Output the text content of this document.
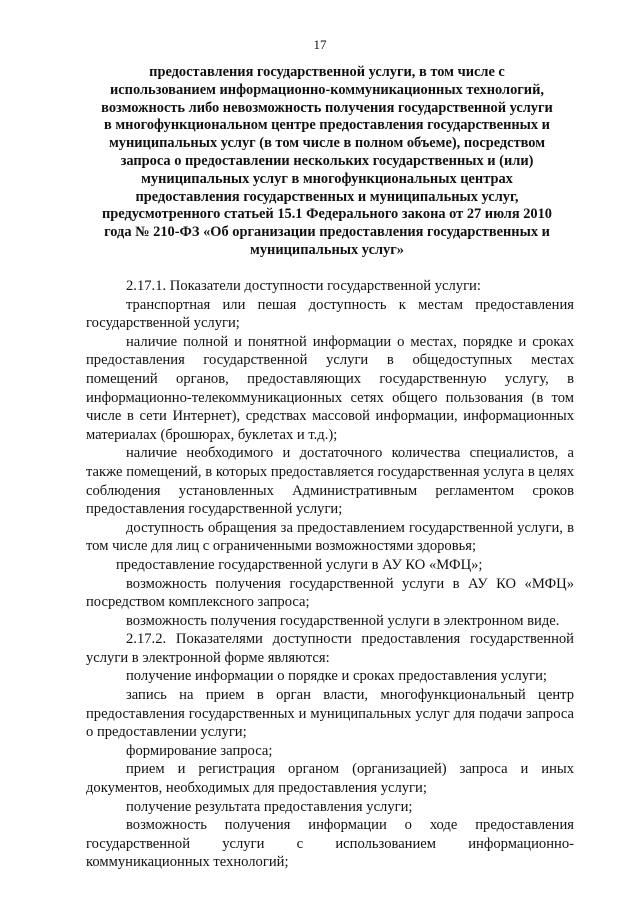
17
предоставления государственной услуги, в том числе с
использованием информационно-коммуникационных технологий,
возможность либо невозможность получения государственной услуги
в многофункциональном центре предоставления государственных и
муниципальных услуг (в том числе в полном объеме), посредством
запроса о предоставлении нескольких государственных и (или)
муниципальных услуг в многофункциональных центрах
предоставления государственных и муниципальных услуг,
предусмотренного статьей 15.1 Федерального закона от 27 июля 2010
года № 210-ФЗ «Об организации предоставления государственных и
муниципальных услуг»

2.17.1. Показатели доступности государственной услуги:

транспортная или пешая доступность к местам предоставления государственной услуги;

наличие полной и понятной информации о местах, порядке и сроках предоставления государственной услуги в общедоступных местах помещений органов, предоставляющих государственную услугу, в информационно-телекоммуникационных сетях общего пользования (в том числе в сети Интернет), средствах массовой информации, информационных материалах (брошюрах, буклетах и т.д.);

наличие необходимого и достаточного количества специалистов, а также помещений, в которых предоставляется государственная услуга в целях соблюдения установленных Административным регламентом сроков предоставления государственной услуги;

доступность обращения за предоставлением государственной услуги, в том числе для лиц с ограниченными возможностями здоровья;

предоставление государственной услуги в АУ КО «МФЦ»;

возможность получения государственной услуги в АУ КО «МФЦ» посредством комплексного запроса;

возможность получения государственной услуги в электронном виде.

2.17.2. Показателями доступности предоставления государственной услуги в электронной форме являются:

получение информации о порядке и сроках предоставления услуги;

запись на прием в орган власти, многофункциональный центр предоставления государственных и муниципальных услуг для подачи запроса о предоставлении услуги;

формирование запроса;

прием и регистрация органом (организацией) запроса и иных документов, необходимых для предоставления услуги;

получение результата предоставления услуги;

возможность получения информации о ходе предоставления государственной услуги с использованием информационно-коммуникационных технологий;
